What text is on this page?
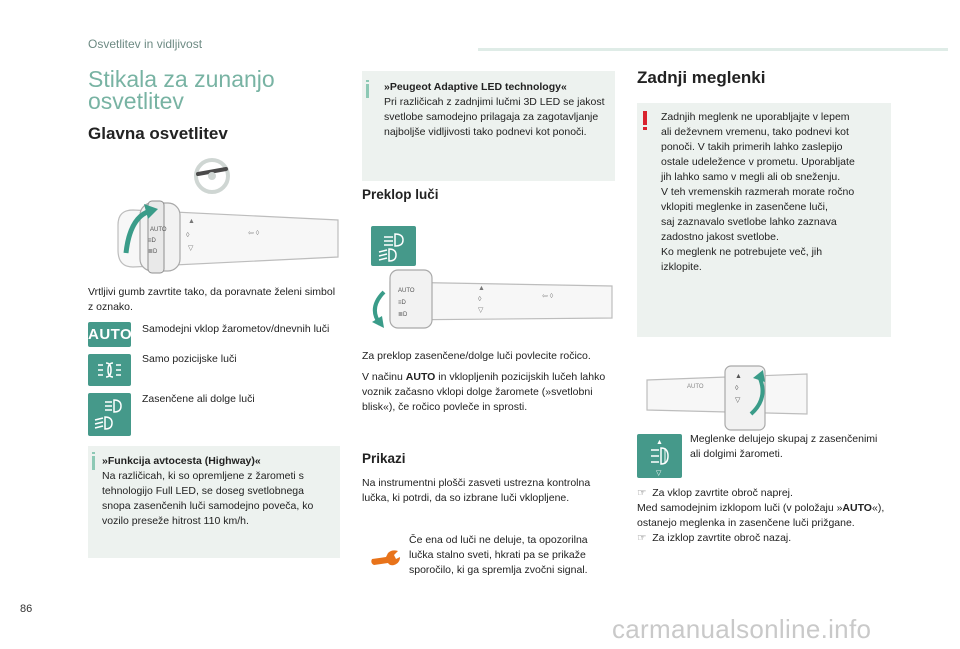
Osvetlitev in vidljivost
Stikala za zunanjo osvetlitev
Glavna osvetlitev
AUTO
≡D
≣D
▲
◊
▽
⇦ ◊
Vrtljivi gumb zavrtite tako, da poravnate želeni simbol z oznako.
AUTO Samodejni vklop žarometov/dnevnih luči
Samo pozicijske luči
Zasenčene ali dolge luči
»Funkcija avtocesta (Highway)«
Na različicah, ki so opremljene z žarometi s tehnologijo Full LED, se doseg svetlobnega snopa zasenčenih luči samodejno poveča, ko vozilo preseže hitrost 110 km/h.
»Peugeot Adaptive LED technology«
Pri različicah z zadnjimi lučmi 3D LED se jakost svetlobe samodejno prilagaja za zagotavljanje najboljše vidljivosti tako podnevi kot ponoči.
Preklop luči
AUTO
≡D
≣D
▲
◊
▽
⇦ ◊
Za preklop zasenčene/dolge luči povlecite ročico.
V načinu AUTO in vklopljenih pozicijskih lučeh lahko voznik začasno vklopi dolge žaromete (»svetlobni blisk«), če ročico povleče in sprosti.
Prikazi
Na instrumentni plošči zasveti ustrezna kontrolna lučka, ki potrdi, da so izbrane luči vklopljene.
Če ena od luči ne deluje, ta opozorilna lučka stalno sveti, hkrati pa se prikaže sporočilo, ki ga spremlja zvočni signal.
Zadnji meglenki
Zadnjih meglenk ne uporabljajte v lepem
ali deževnem vremenu, tako podnevi kot
ponoči. V takih primerih lahko zaslepijo
ostale udeležence v prometu. Uporabljate
jih lahko samo v megli ali ob sneženju.
V teh vremenskih razmerah morate ročno
vklopiti meglenke in zasenčene luči,
saj zaznavalo svetlobe lahko zaznava
zadostno jakost svetlobe.
Ko meglenk ne potrebujete več, jih
izklopite.
AUTO
▲
◊
▽
▲
▽
Meglenke delujejo skupaj z zasenčenimi ali dolgimi žarometi.
☞ Za vklop zavrtite obroč naprej.
Med samodejnim izklopom luči (v položaju »AUTO«), ostanejo meglenka in zasenčene luči prižgane.
☞ Za izklop zavrtite obroč nazaj.
86
carmanualsonline.info
